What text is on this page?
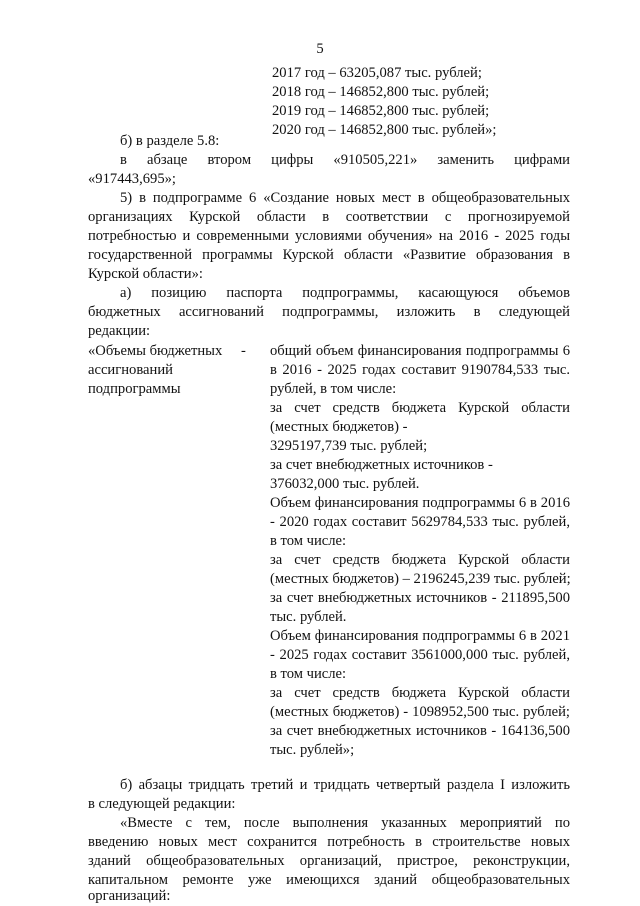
5
2017 год – 63205,087 тыс. рублей;
2018 год – 146852,800 тыс. рублей;
2019 год – 146852,800 тыс. рублей;
2020 год – 146852,800 тыс. рублей»;
б) в разделе 5.8:
в абзаце втором цифры «910505,221» заменить цифрами
«917443,695»;
5) в подпрограмме 6 «Создание новых мест в общеобразовательных
организациях Курской области в соответствии с прогнозируемой
потребностью и современными условиями обучения» на 2016 - 2025 годы
государственной программы Курской области «Развитие образования в
Курской области»:
а) позицию паспорта подпрограммы, касающуюся объемов
бюджетных ассигнований подпрограммы, изложить в следующей
редакции:
«Объемы бюджетных
ассигнований
подпрограммы
- общий объем финансирования подпрограммы 6
в 2016 - 2025 годах составит 9190784,533 тыс.
рублей, в том числе:
за счет средств бюджета Курской области
(местных бюджетов) -
3295197,739 тыс. рублей;
за счет внебюджетных источников -
376032,000 тыс. рублей.
Объем финансирования подпрограммы 6 в 2016
- 2020 годах составит 5629784,533 тыс. рублей,
в том числе:
за счет средств бюджета Курской области
(местных бюджетов) – 2196245,239 тыс. рублей;
за счет внебюджетных источников - 211895,500
тыс. рублей.
Объем финансирования подпрограммы 6 в 2021
- 2025 годах составит 3561000,000 тыс. рублей,
в том числе:
за счет средств бюджета Курской области
(местных бюджетов) - 1098952,500 тыс. рублей;
за счет внебюджетных источников - 164136,500
тыс. рублей»;
б) абзацы тридцать третий и тридцать четвертый раздела I изложить
в следующей редакции:
«Вместе с тем, после выполнения указанных мероприятий по
введению новых мест сохранится потребность в строительстве новых
зданий общеобразовательных организаций, пристрое, реконструкции,
капитальном ремонте уже имеющихся зданий общеобразовательных
организаций:
